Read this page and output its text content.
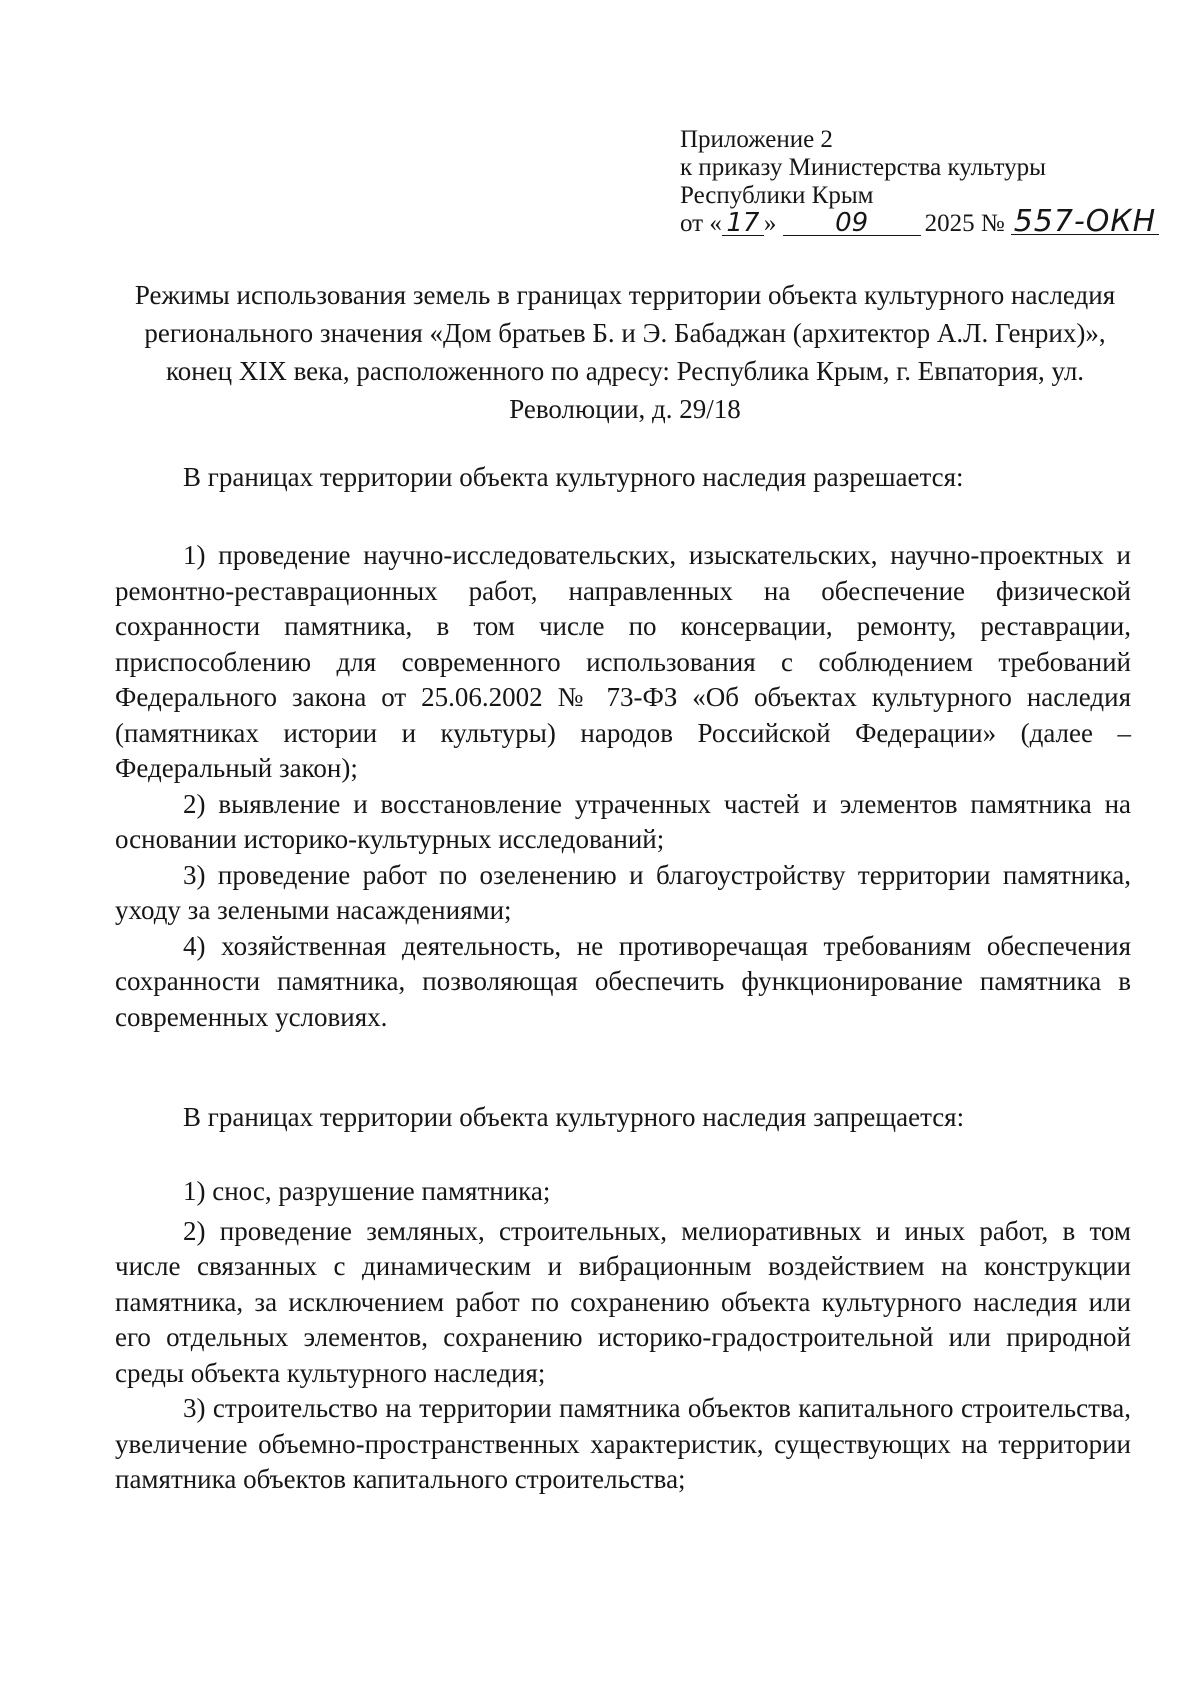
Приложение 2
к приказу Министерства культуры
Республики Крым
от « 17 » 09 2025 № 557-ОКН
Режимы использования земель в границах территории объекта культурного наследия регионального значения «Дом братьев Б. и Э. Бабаджан (архитектор А.Л. Генрих)», конец XIX века, расположенного по адресу: Республика Крым, г. Евпатория, ул. Революции, д. 29/18

В границах территории объекта культурного наследия разрешается:

1) проведение научно-исследовательских, изыскательских, научно-проектных и ремонтно-реставрационных работ, направленных на обеспечение физической сохранности памятника, в том числе по консервации, ремонту, реставрации, приспособлению для современного использования с соблюдением требований Федерального закона от 25.06.2002 № 73-ФЗ «Об объектах культурного наследия (памятниках истории и культуры) народов Российской Федерации» (далее – Федеральный закон);

2) выявление и восстановление утраченных частей и элементов памятника на основании историко-культурных исследований;

3) проведение работ по озеленению и благоустройству территории памятника, уходу за зелеными насаждениями;

4) хозяйственная деятельность, не противоречащая требованиям обеспечения сохранности памятника, позволяющая обеспечить функционирование памятника в современных условиях.

В границах территории объекта культурного наследия запрещается:

1) снос, разрушение памятника;

2) проведение земляных, строительных, мелиоративных и иных работ, в том числе связанных с динамическим и вибрационным воздействием на конструкции памятника, за исключением работ по сохранению объекта культурного наследия или его отдельных элементов, сохранению историко-градостроительной или природной среды объекта культурного наследия;

3) строительство на территории памятника объектов капитального строительства, увеличение объемно-пространственных характеристик, существующих на территории памятника объектов капитального строительства;
